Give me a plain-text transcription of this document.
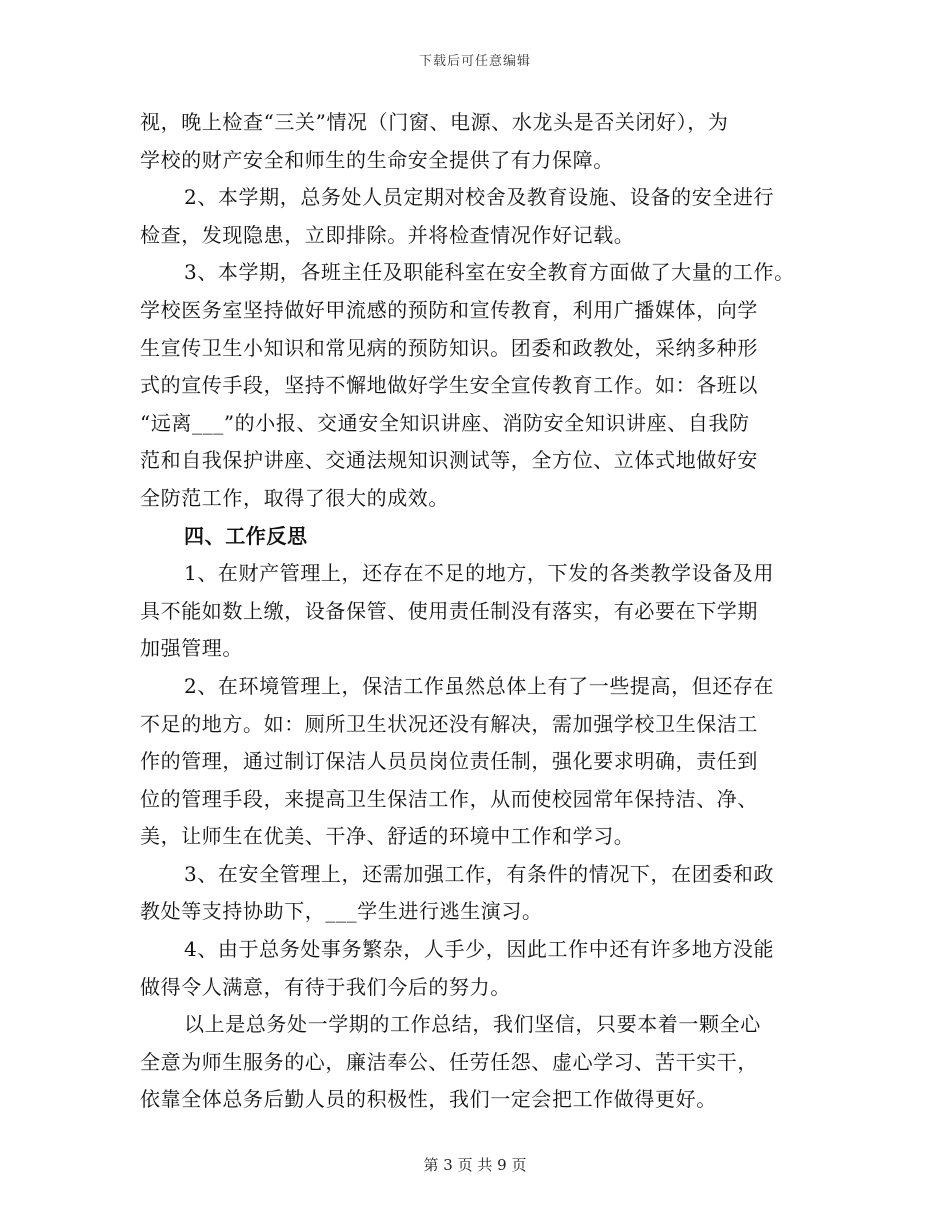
下载后可任意编辑
视，晚上检查“三关”情况（门窗、电源、水龙头是否关闭好），为
学校的财产安全和师生的生命安全提供了有力保障。
2、本学期，总务处人员定期对校舍及教育设施、设备的安全进行
检查，发现隐患，立即排除。并将检查情况作好记载。
3、本学期，各班主任及职能科室在安全教育方面做了大量的工作。
学校医务室坚持做好甲流感的预防和宣传教育，利用广播媒体，向学
生宣传卫生小知识和常见病的预防知识。团委和政教处，采纳多种形
式的宣传手段，坚持不懈地做好学生安全宣传教育工作。如：各班以
“远离___”的小报、交通安全知识讲座、消防安全知识讲座、自我防
范和自我保护讲座、交通法规知识测试等，全方位、立体式地做好安
全防范工作，取得了很大的成效。
四、工作反思
1、在财产管理上，还存在不足的地方，下发的各类教学设备及用
具不能如数上缴，设备保管、使用责任制没有落实，有必要在下学期
加强管理。
2、在环境管理上，保洁工作虽然总体上有了一些提高，但还存在
不足的地方。如：厕所卫生状况还没有解决，需加强学校卫生保洁工
作的管理，通过制订保洁人员员岗位责任制，强化要求明确，责任到
位的管理手段，来提高卫生保洁工作，从而使校园常年保持洁、净、
美，让师生在优美、干净、舒适的环境中工作和学习。
3、在安全管理上，还需加强工作，有条件的情况下，在团委和政
教处等支持协助下，___学生进行逃生演习。
4、由于总务处事务繁杂，人手少，因此工作中还有许多地方没能
做得令人满意，有待于我们今后的努力。
以上是总务处一学期的工作总结，我们坚信，只要本着一颗全心
全意为师生服务的心，廉洁奉公、任劳任怨、虚心学习、苦干实干，
依靠全体总务后勤人员的积极性，我们一定会把工作做得更好。
第 3 页 共 9 页
